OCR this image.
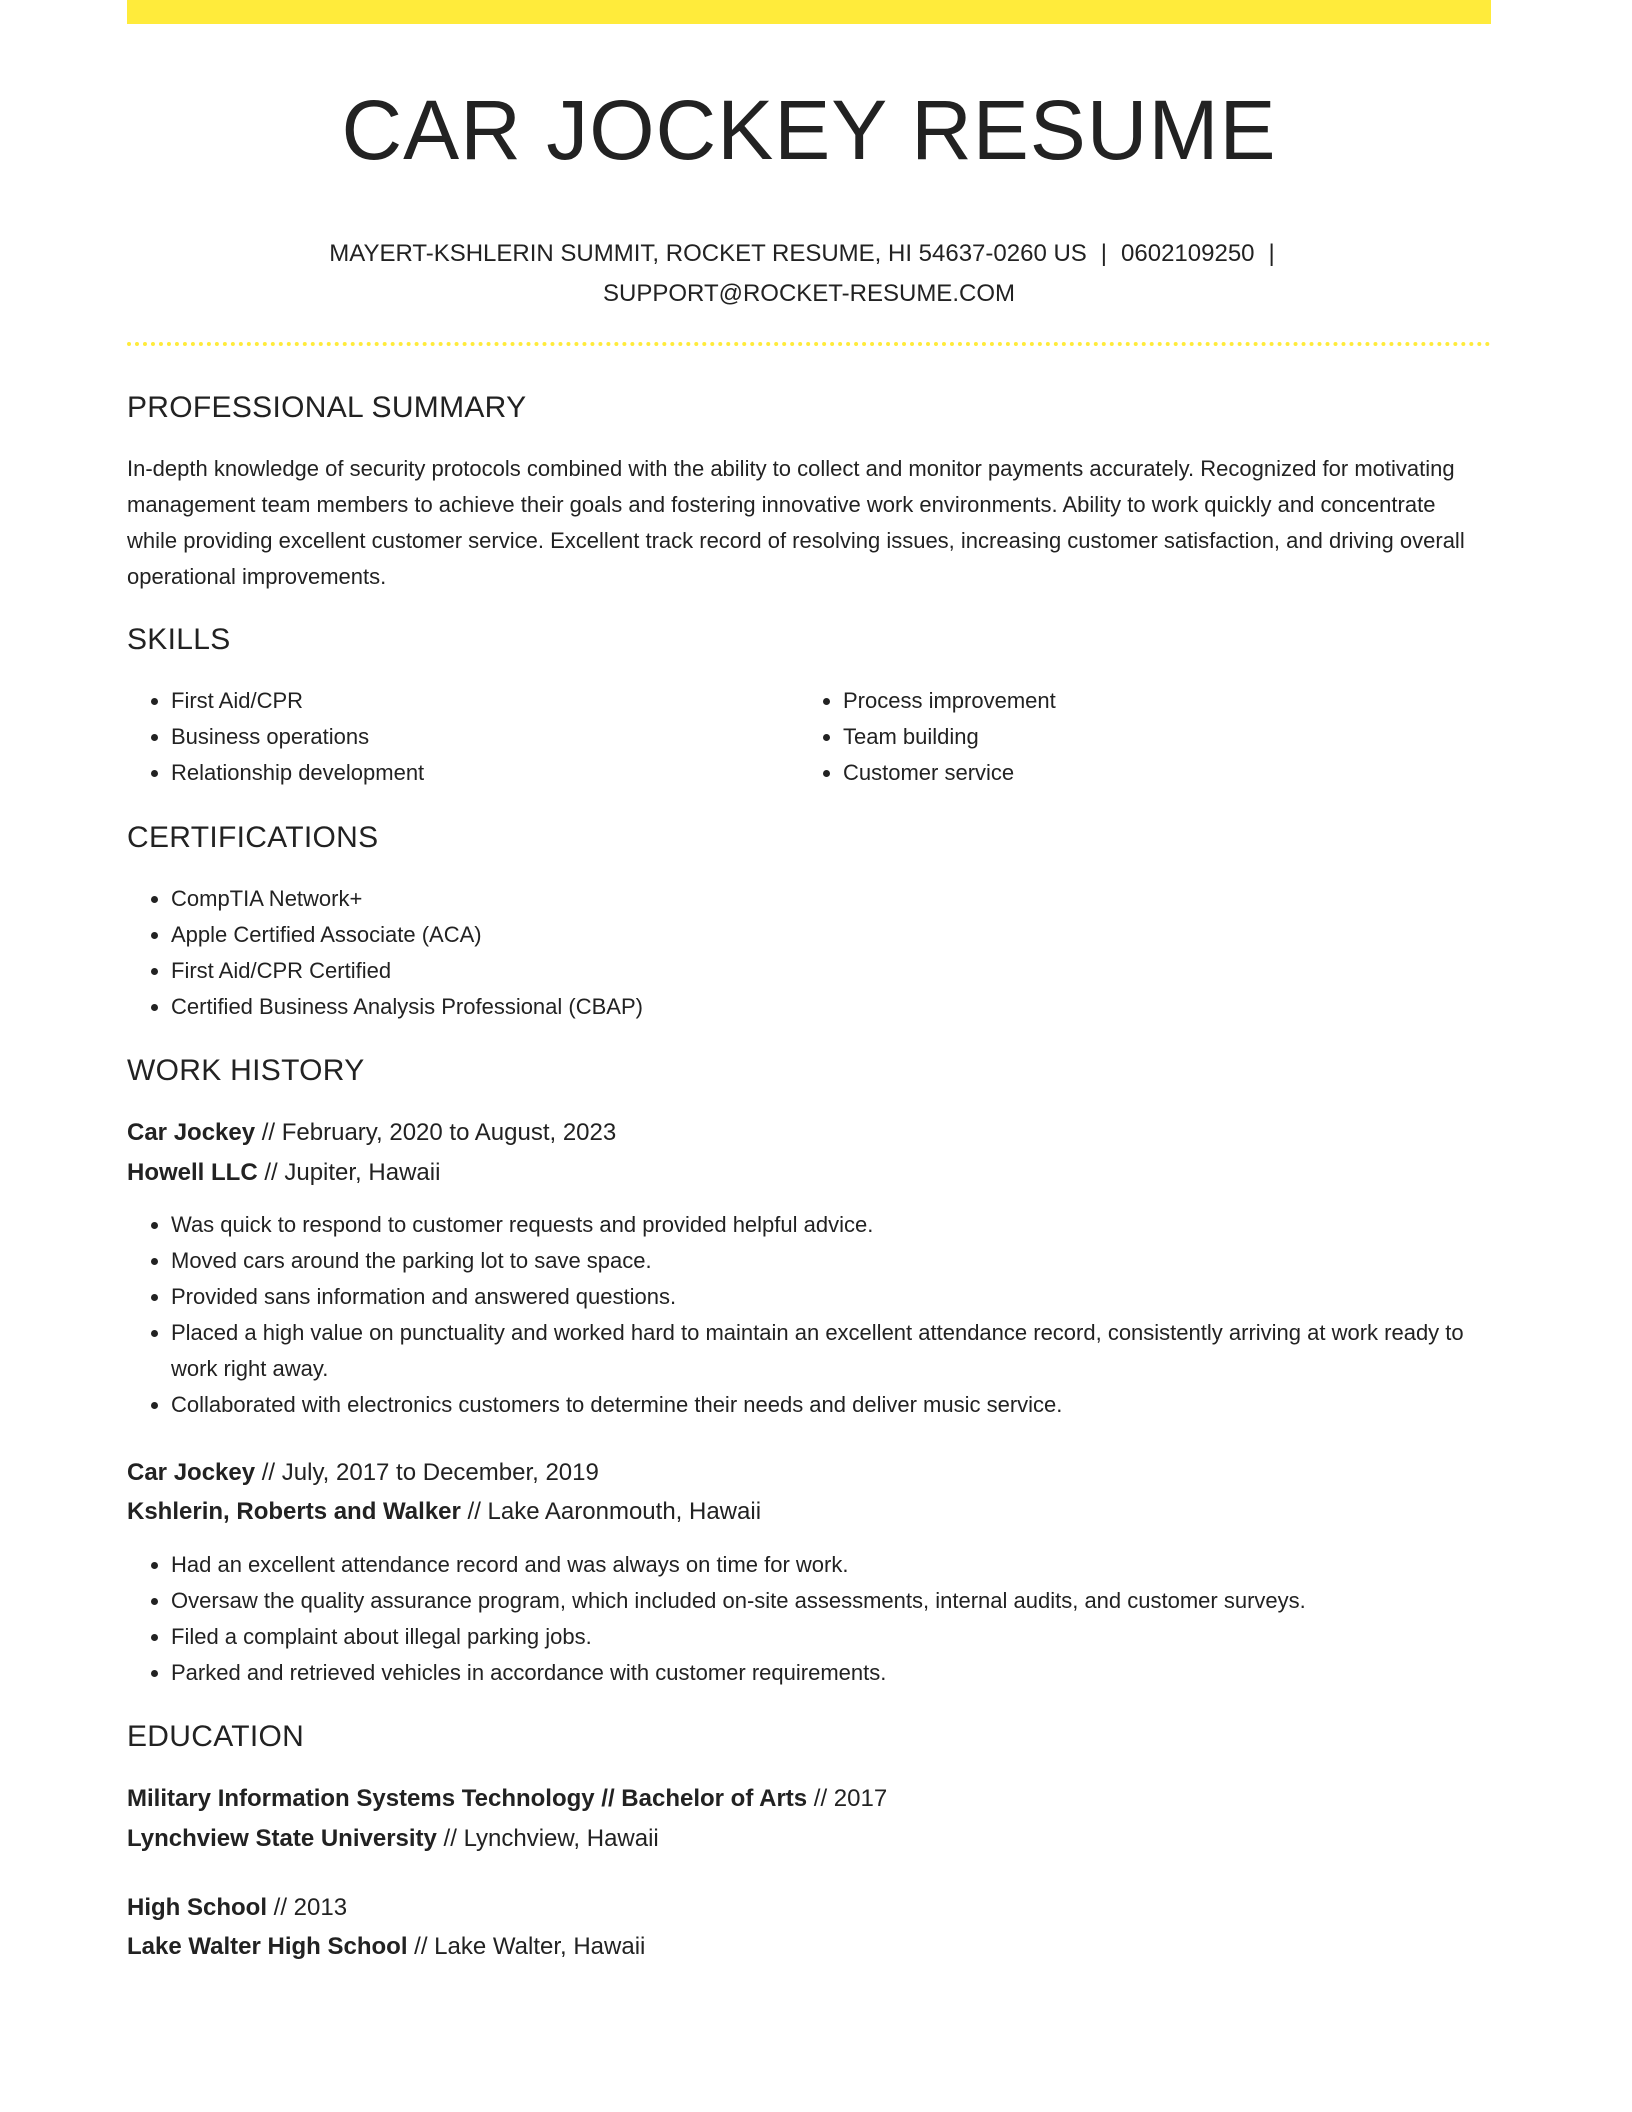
CAR JOCKEY RESUME
MAYERT-KSHLERIN SUMMIT, ROCKET RESUME, HI 54637-0260 US | 0602109250 |
SUPPORT@ROCKET-RESUME.COM
PROFESSIONAL SUMMARY
In-depth knowledge of security protocols combined with the ability to collect and monitor payments accurately. Recognized for motivating management team members to achieve their goals and fostering innovative work environments. Ability to work quickly and concentrate while providing excellent customer service. Excellent track record of resolving issues, increasing customer satisfaction, and driving overall operational improvements.
SKILLS
• First Aid/CPR
• Business operations
• Relationship development
• Process improvement
• Team building
• Customer service
CERTIFICATIONS
• CompTIA Network+
• Apple Certified Associate (ACA)
• First Aid/CPR Certified
• Certified Business Analysis Professional (CBAP)
WORK HISTORY
Car Jockey // February, 2020 to August, 2023
Howell LLC // Jupiter, Hawaii
• Was quick to respond to customer requests and provided helpful advice.
• Moved cars around the parking lot to save space.
• Provided sans information and answered questions.
• Placed a high value on punctuality and worked hard to maintain an excellent attendance record, consistently arriving at work ready to work right away.
• Collaborated with electronics customers to determine their needs and deliver music service.
Car Jockey // July, 2017 to December, 2019
Kshlerin, Roberts and Walker // Lake Aaronmouth, Hawaii
• Had an excellent attendance record and was always on time for work.
• Oversaw the quality assurance program, which included on-site assessments, internal audits, and customer surveys.
• Filed a complaint about illegal parking jobs.
• Parked and retrieved vehicles in accordance with customer requirements.
EDUCATION
Military Information Systems Technology // Bachelor of Arts // 2017
Lynchview State University // Lynchview, Hawaii
High School // 2013
Lake Walter High School // Lake Walter, Hawaii
